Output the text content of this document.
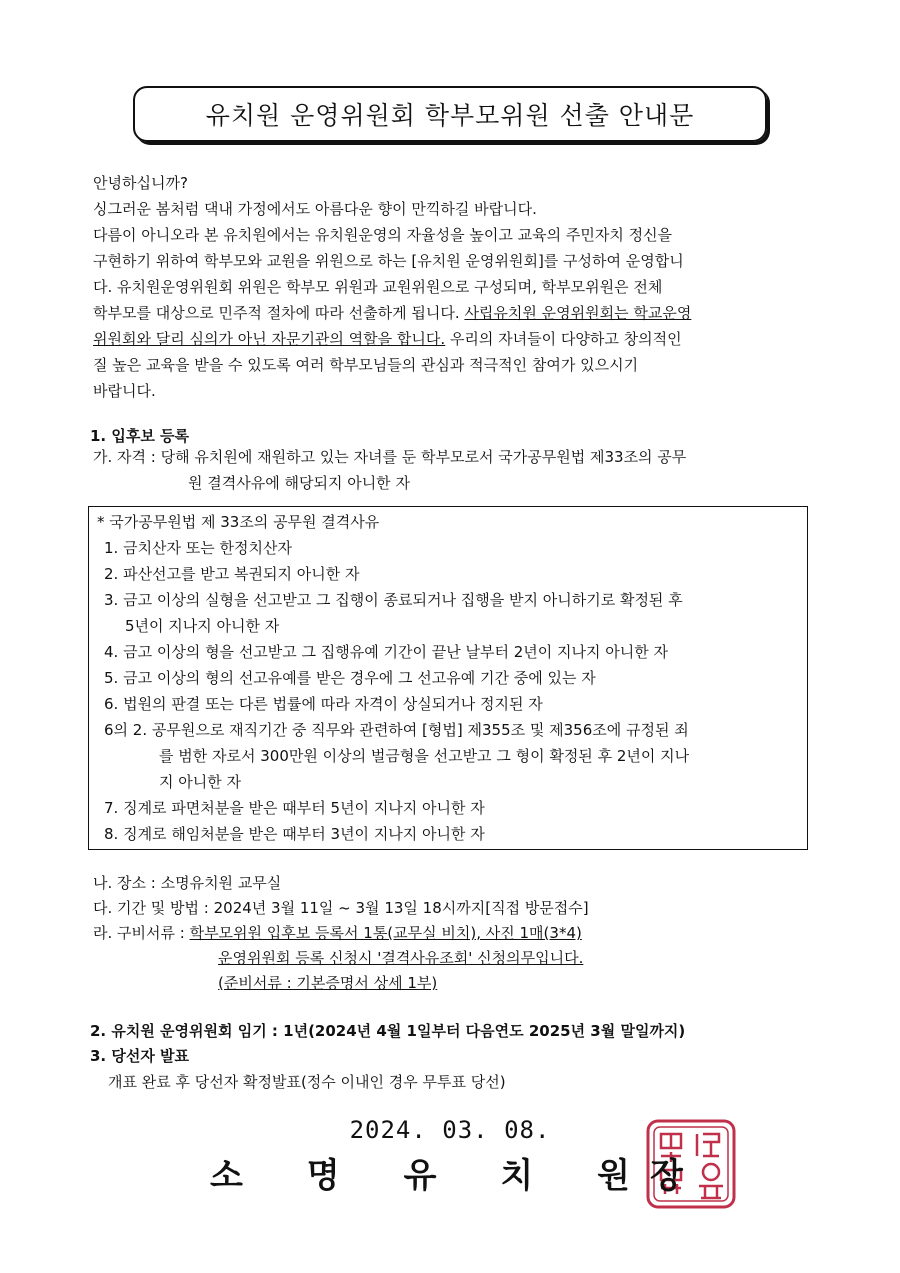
유치원 운영위원회 학부모위원 선출 안내문
안녕하십니까?
싱그러운 봄처럼 댁내 가정에서도 아름다운 향이 만끽하길 바랍니다.
다름이 아니오라 본 유치원에서는 유치원운영의 자율성을 높이고 교육의 주민자치 정신을
구현하기 위하여 학부모와 교원을 위원으로 하는 [유치원 운영위원회]를 구성하여 운영합니
다. 유치원운영위원회 위원은 학부모 위원과 교원위원으로 구성되며, 학부모위원은 전체
학부모를 대상으로 민주적 절차에 따라 선출하게 됩니다. 사립유치원 운영위원회는 학교운영
위원회와 달리 심의가 아닌 자문기관의 역할을 합니다. 우리의 자녀들이 다양하고 창의적인
질 높은 교육을 받을 수 있도록 여러 학부모님들의 관심과 적극적인 참여가 있으시기
바랍니다.
1. 입후보 등록
가. 자격 : 당해 유치원에 재원하고 있는 자녀를 둔 학부모로서 국가공무원법 제33조의 공무
원 결격사유에 해당되지 아니한 자
* 국가공무원법 제 33조의 공무원 결격사유
1. 금치산자 또는 한정치산자
2. 파산선고를 받고 복권되지 아니한 자
3. 금고 이상의 실형을 선고받고 그 집행이 종료되거나 집행을 받지 아니하기로 확정된 후
5년이 지나지 아니한 자
4. 금고 이상의 형을 선고받고 그 집행유예 기간이 끝난 날부터 2년이 지나지 아니한 자
5. 금고 이상의 형의 선고유예를 받은 경우에 그 선고유예 기간 중에 있는 자
6. 법원의 판결 또는 다른 법률에 따라 자격이 상실되거나 정지된 자
6의 2. 공무원으로 재직기간 중 직무와 관련하여 [형법] 제355조 및 제356조에 규정된 죄
를 범한 자로서 300만원 이상의 벌금형을 선고받고 그 형이 확정된 후 2년이 지나
지 아니한 자
7. 징계로 파면처분을 받은 때부터 5년이 지나지 아니한 자
8. 징계로 해임처분을 받은 때부터 3년이 지나지 아니한 자
나. 장소 : 소명유치원 교무실
다. 기간 및 방법 : 2024년 3월 11일 ~ 3월 13일 18시까지[직접 방문접수]
라. 구비서류 : 학부모위원 입후보 등록서 1통(교무실 비치), 사진 1매(3*4)
운영위원회 등록 신청시 '결격사유조회' 신청의무입니다.
(준비서류 : 기본증명서 상세 1부)
2. 유치원 운영위원회 임기 : 1년(2024년 4월 1일부터 다음연도 2025년 3월 말일까지)
3. 당선자 발표
개표 완료 후 당선자 확정발표(정수 이내인 경우 무투표 당선)
2024. 03. 08.
소 명 유 치 원 장
